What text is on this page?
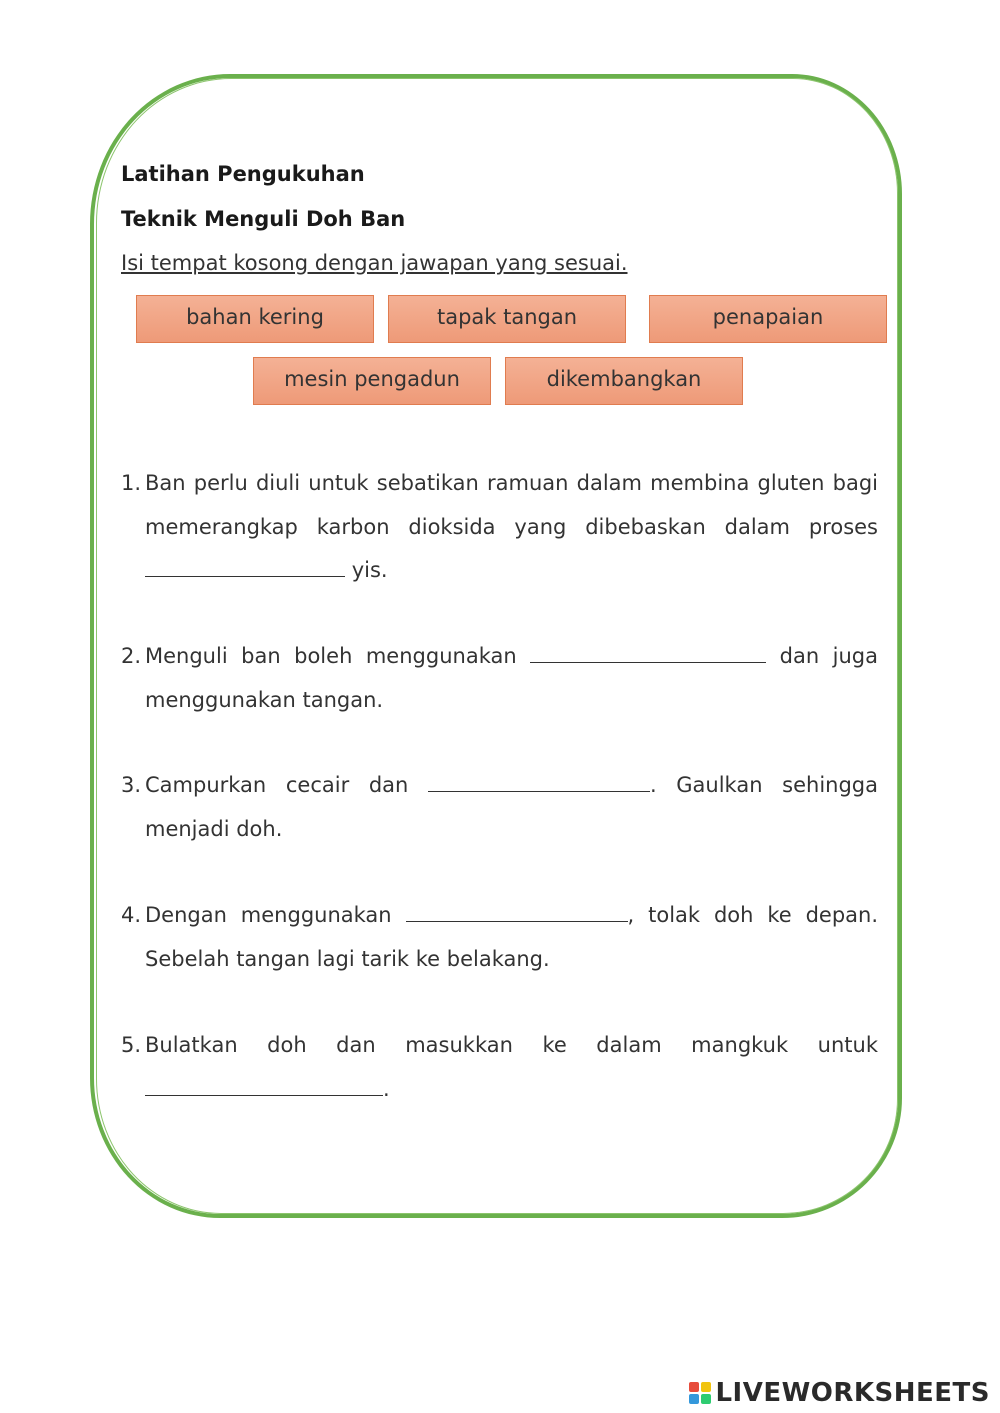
Latihan Pengukuhan
Teknik Menguli Doh Ban
Isi tempat kosong dengan jawapan yang sesuai.
bahan kering	tapak tangan	penapaian
mesin pengadun	dikembangkan
1. Ban perlu diuli untuk sebatikan ramuan dalam membina gluten bagi memerangkap karbon dioksida yang dibebaskan dalam proses  yis.
2. Menguli ban boleh menggunakan	dan juga menggunakan tangan.
3. Campurkan cecair dan	. Gaulkan sehingga menjadi doh.
4. Dengan menggunakan	, tolak doh ke depan. Sebelah tangan lagi tarik ke belakang.
5. Bulatkan doh dan masukkan ke dalam mangkuk untuk .
LIVEWORKSHEETS
